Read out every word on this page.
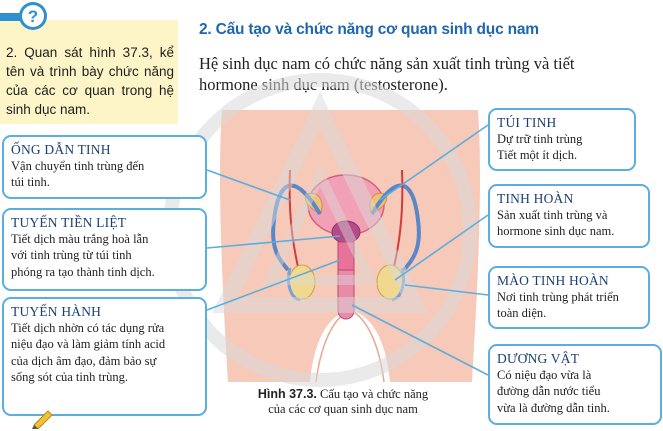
?
2. Quan sát hình 37.3, kể tên và trình bày chức năng của các cơ quan trong hệ sinh dục nam.
2. Cấu tạo và chức năng cơ quan sinh dục nam
Hệ sinh dục nam có chức năng sản xuất tinh trùng và tiết
hormone sinh dục nam (testosterone).
ỐNG DẪN TINH
Vận chuyển tinh trùng đến
túi tinh.
TUYẾN TIỀN LIỆT
Tiết dịch màu trắng hoà lẫn
với tinh trùng từ túi tinh
phóng ra tạo thành tinh dịch.
TUYẾN HÀNH
Tiết dịch nhờn có tác dụng rửa
niệu đạo và làm giảm tính acid
của dịch âm đạo, đảm bảo sự
sống sót của tinh trùng.
TÚI TINH
Dự trữ tinh trùng
Tiết một ít dịch.
TINH HOÀN
Sản xuất tinh trùng và
hormone sinh dục nam.
MÀO TINH HOÀN
Nơi tinh trùng phát triển
toàn diện.
DƯƠNG VẬT
Có niệu đạo vừa là
đường dẫn nước tiểu
vừa là đường dẫn tinh.
Hình 37.3. Cấu tạo và chức năng
của các cơ quan sinh dục nam
